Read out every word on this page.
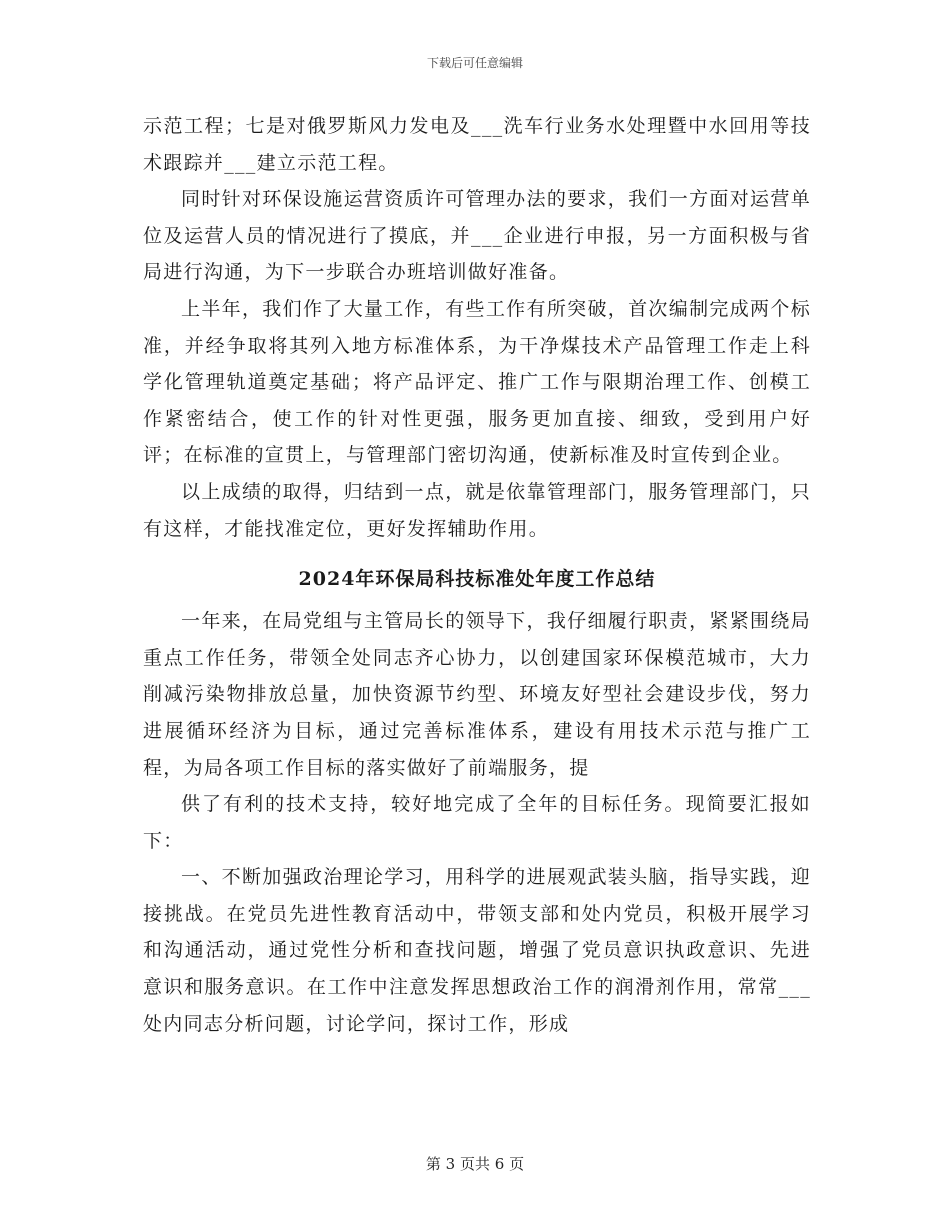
下载后可任意编辑

示范工程；七是对俄罗斯风力发电及___洗车行业务水处理暨中水回用等技术跟踪并___建立示范工程。

同时针对环保设施运营资质许可管理办法的要求，我们一方面对运营单位及运营人员的情况进行了摸底，并___企业进行申报，另一方面积极与省局进行沟通，为下一步联合办班培训做好准备。

上半年，我们作了大量工作，有些工作有所突破，首次编制完成两个标准，并经争取将其列入地方标准体系，为干净煤技术产品管理工作走上科学化管理轨道奠定基础；将产品评定、推广工作与限期治理工作、创模工作紧密结合，使工作的针对性更强，服务更加直接、细致，受到用户好评；在标准的宣贯上，与管理部门密切沟通，使新标准及时宣传到企业。

以上成绩的取得，归结到一点，就是依靠管理部门，服务管理部门，只有这样，才能找准定位，更好发挥辅助作用。

2024年环保局科技标准处年度工作总结

一年来，在局党组与主管局长的领导下，我仔细履行职责，紧紧围绕局重点工作任务，带领全处同志齐心协力，以创建国家环保模范城市，大力削减污染物排放总量，加快资源节约型、环境友好型社会建设步伐，努力进展循环经济为目标，通过完善标准体系，建设有用技术示范与推广工程，为局各项工作目标的落实做好了前端服务，提

供了有利的技术支持，较好地完成了全年的目标任务。现简要汇报如下：

一、不断加强政治理论学习，用科学的进展观武装头脑，指导实践，迎接挑战。在党员先进性教育活动中，带领支部和处内党员，积极开展学习和沟通活动，通过党性分析和查找问题，增强了党员意识执政意识、先进意识和服务意识。在工作中注意发挥思想政治工作的润滑剂作用，常常___处内同志分析问题，讨论学问，探讨工作，形成

第 3 页共 6 页
